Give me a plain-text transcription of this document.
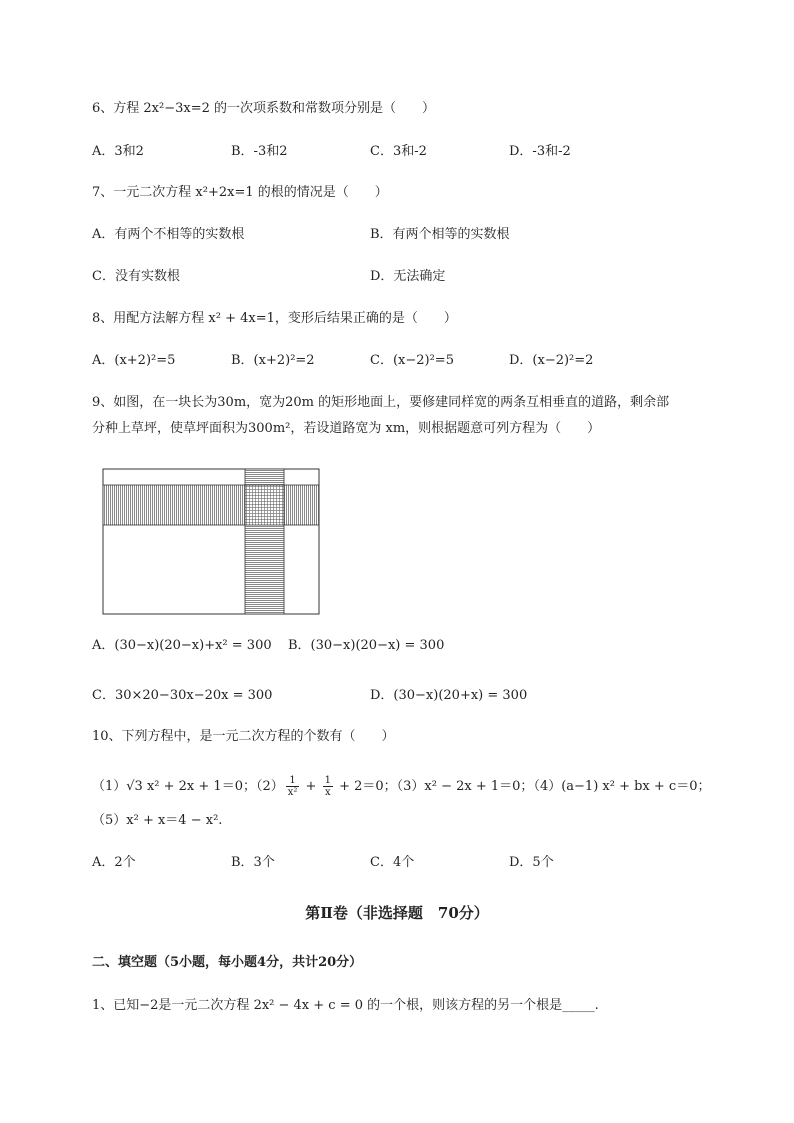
6、方程 2x²−3x=2 的一次项系数和常数项分别是（　　）
A．3和2	B．-3和2	C．3和-2	D．-3和-2
7、一元二次方程 x²+2x=1 的根的情况是（　　）
A．有两个不相等的实数根	B．有两个相等的实数根
C．没有实数根	D．无法确定
8、用配方法解方程 x² + 4x=1，变形后结果正确的是（　　）
A．(x+2)²=5	B．(x+2)²=2	C．(x−2)²=5	D．(x−2)²=2
9、如图，在一块长为30m，宽为20m 的矩形地面上，要修建同样宽的两条互相垂直的道路，剩余部
分种上草坪，使草坪面积为300m²，若设道路宽为 xm，则根据题意可列方程为（　　）
A．(30−x)(20−x)+x² = 300 B．(30−x)(20−x) = 300
C．30×20−30x−20x = 300	D．(30−x)(20+x) = 300
10、下列方程中，是一元二次方程的个数有（　　）
（1）√3 x² + 2x + 1＝0；$(2) \frac{1}{\text{x²}} + \frac{1}{x} + 2=0$；（3）x² − 2x + 1＝0；（4）(a−1) x² + bx + c＝0；
（5）x² + x＝4 − x².
A．2个	B．3个	C．4个	D．5个
第Ⅱ卷（非选择题　70分）
二、填空题（5小题，每小题4分，共计20分）
1、已知−2是一元二次方程 2x² − 4x + c = 0 的一个根，则该方程的另一个根是_____.
